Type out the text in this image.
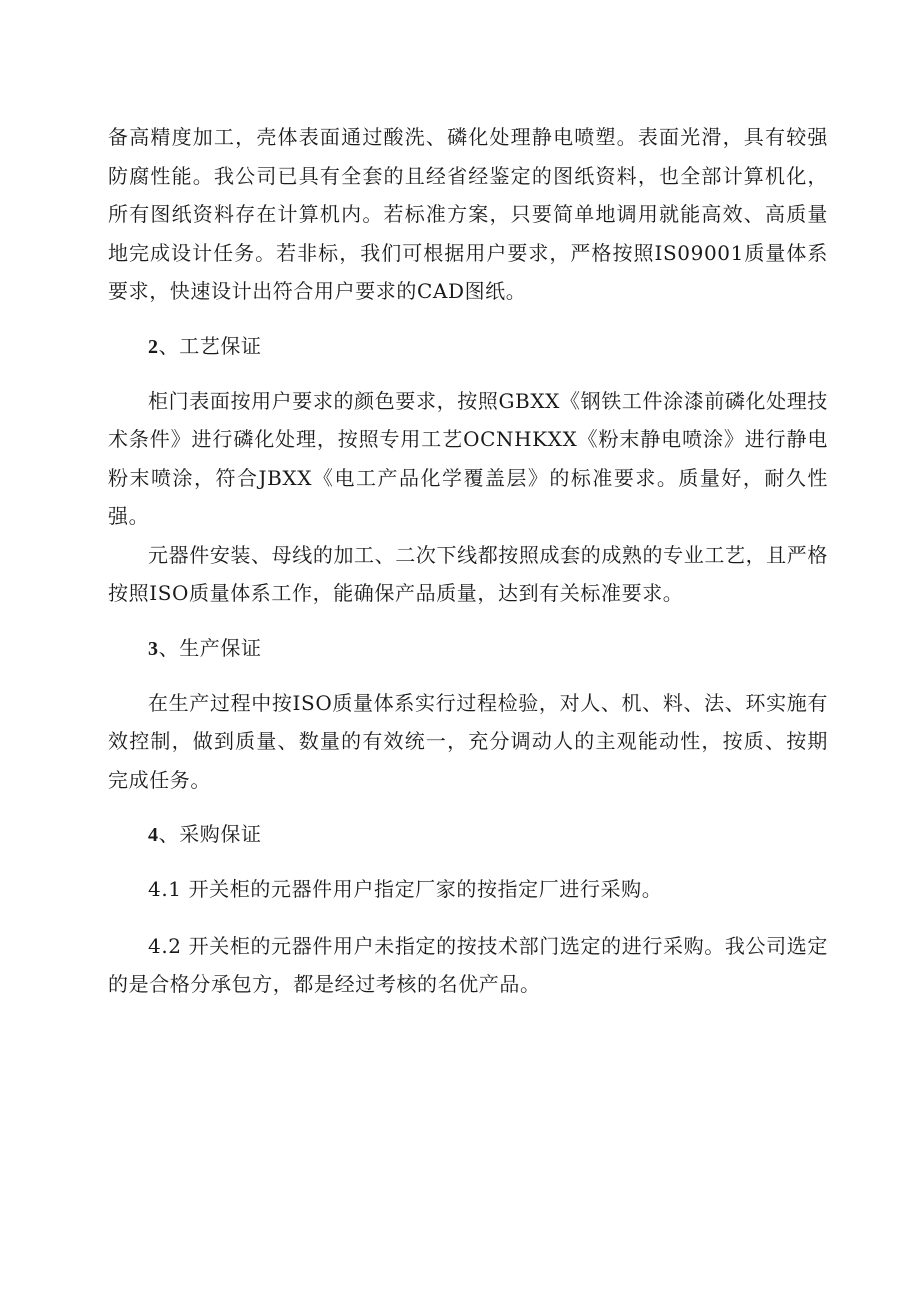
备高精度加工，壳体表面通过酸洗、磷化处理静电喷塑。表面光滑，具有较强防腐性能。我公司已具有全套的且经省经鉴定的图纸资料，也全部计算机化，所有图纸资料存在计算机内。若标准方案，只要简单地调用就能高效、高质量地完成设计任务。若非标，我们可根据用户要求，严格按照IS09001质量体系要求，快速设计出符合用户要求的CAD图纸。

2、工艺保证

柜门表面按用户要求的颜色要求，按照GBXX《钢铁工件涂漆前磷化处理技术条件》进行磷化处理，按照专用工艺OCNHKXX《粉末静电喷涂》进行静电粉末喷涂，符合JBXX《电工产品化学覆盖层》的标准要求。质量好，耐久性强。

元器件安装、母线的加工、二次下线都按照成套的成熟的专业工艺，且严格按照ISO质量体系工作，能确保产品质量，达到有关标准要求。

3、生产保证

在生产过程中按ISO质量体系实行过程检验，对人、机、料、法、环实施有效控制，做到质量、数量的有效统一，充分调动人的主观能动性，按质、按期完成任务。

4、采购保证

4.1 开关柜的元器件用户指定厂家的按指定厂进行采购。

4.2 开关柜的元器件用户未指定的按技术部门选定的进行采购。我公司选定的是合格分承包方，都是经过考核的名优产品。
